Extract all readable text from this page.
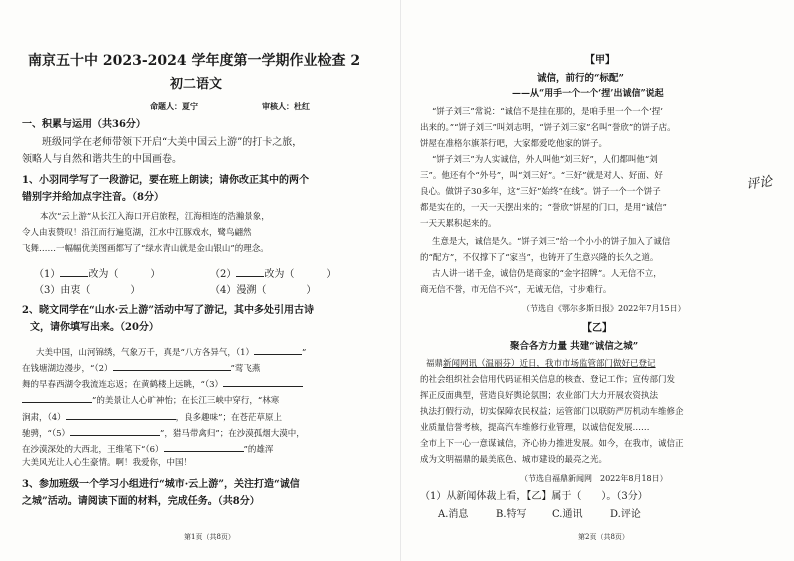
南京五十中 2023-2024 学年度第一学期作业检查 2
初二语文
命题人：夏宁	审核人：杜红
一、积累与运用（共36分）
班级同学在老师带领下开启“大美中国云上游”的打卡之旅，
领略人与自然和谐共生的中国画卷。
1、小羽同学写了一段游记，要在班上朗读；请你改正其中的两个
错别字并给加点字注音。（8分）
本次“云上游”从长江入海口开启旅程，江海相连的浩瀚景象，
令人由衷赞叹！沿江而行遍览湖，江水中江豚戏水，鹭鸟翩然
飞舞……一幅幅优美图画都写了“绿水青山就是金山银山”的理念。
（1）	改为（	）	（2）	改为（	）
（3）由衷（	）	（4）漫溯（	）
2、晓文同学在“山水·云上游”活动中写了游记，其中多处引用古诗
文，请你填写出来。（20分）
大美中国，山河锦绣，气象万千，真是“八方各异气，（1）	”
在钱塘湖边漫步，“（2）	”莺飞燕
舞的早春西湖令我流连忘返；在黄鹤楼上远眺，“（3）
”的美景让人心旷神怡；在长江三峡中穿行，“林寒
涧肃，（4）	，良多趣味”；在苍茫草原上
驰骋，“（5）	”，猎马带禽归”；在沙漠孤烟大漠中，
在沙漠深处的大西北，王维笔下“（6）	”的雄浑
大美风光让人心生豪情。啊！我爱你，中国！
3、参加班级一个学习小组进行“城市·云上游”，关注打造“诚信
之城”活动。请阅读下面的材料，完成任务。（共8分）
第1页（共8页）
【甲】
诚信，前行的“标配”
——从“用手一个一个‘捏’出诚信”说起
“饼子刘三”常说：“诚信不是挂在那的，是咱手里一个一个‘捏’
出来的。”“饼子刘三”叫刘志明，“饼子刘三家”名叫“誉欣”的饼子店。
饼屋在准格尔旗茶行吧，大家都爱吃他家的饼子。
“饼子刘三”为人实诚信，外人叫他“刘三好”，人们都叫他“刘
三”。他还有个“外号”，叫“刘三好”。“三好”就是对人、好面、好
良心。做饼子30多年，这“三好”始终“在线”。饼子一个一个饼子
都是实在的，一天一天摆出来的；“誉欣”饼屋的门口，是用“诚信”
一天天累积起来的。
生意是大，诚信是久。“饼子刘三”给一个小小的饼子加入了诚信
的“配方”，不仅撑下了“家当”，也铸开了生意兴隆的长久之道。
古人讲一诺千金，诚信仍是商家的“金字招牌”。人无信不立，
商无信不誉，市无信不兴”，无诚无信，寸步难行。
（节选自《鄂尔多斯日报》2022年7月15日）
【乙】
聚合各方力量 共建“诚信之城”
福鼎新闻网讯（温丽芬）近日，我市市场监管部门做好已登记
的社会组织社会信用代码证相关信息的核查、登记工作；宣传部门发
挥正反面典型，营造良好舆论氛围；农业部门大力开展农资执法
执法打假行动，切实保障农民权益；运管部门以联防严厉机动车维修企
业质量信誉考核，提高汽车维修行业管理，以诚信促发展……
全市上下一心一意谋诚信，齐心协力推进发展。如今，在我市，诚信正
成为文明福鼎的最美底色、城市建设的最亮之光。
（节选自福鼎新闻网　2022年8月18日）
（1）从新闻体裁上看，【乙】属于（　　）。（3分）
A.消息	B.特写	C.通讯	D.评论
评论
第2页（共8页）
